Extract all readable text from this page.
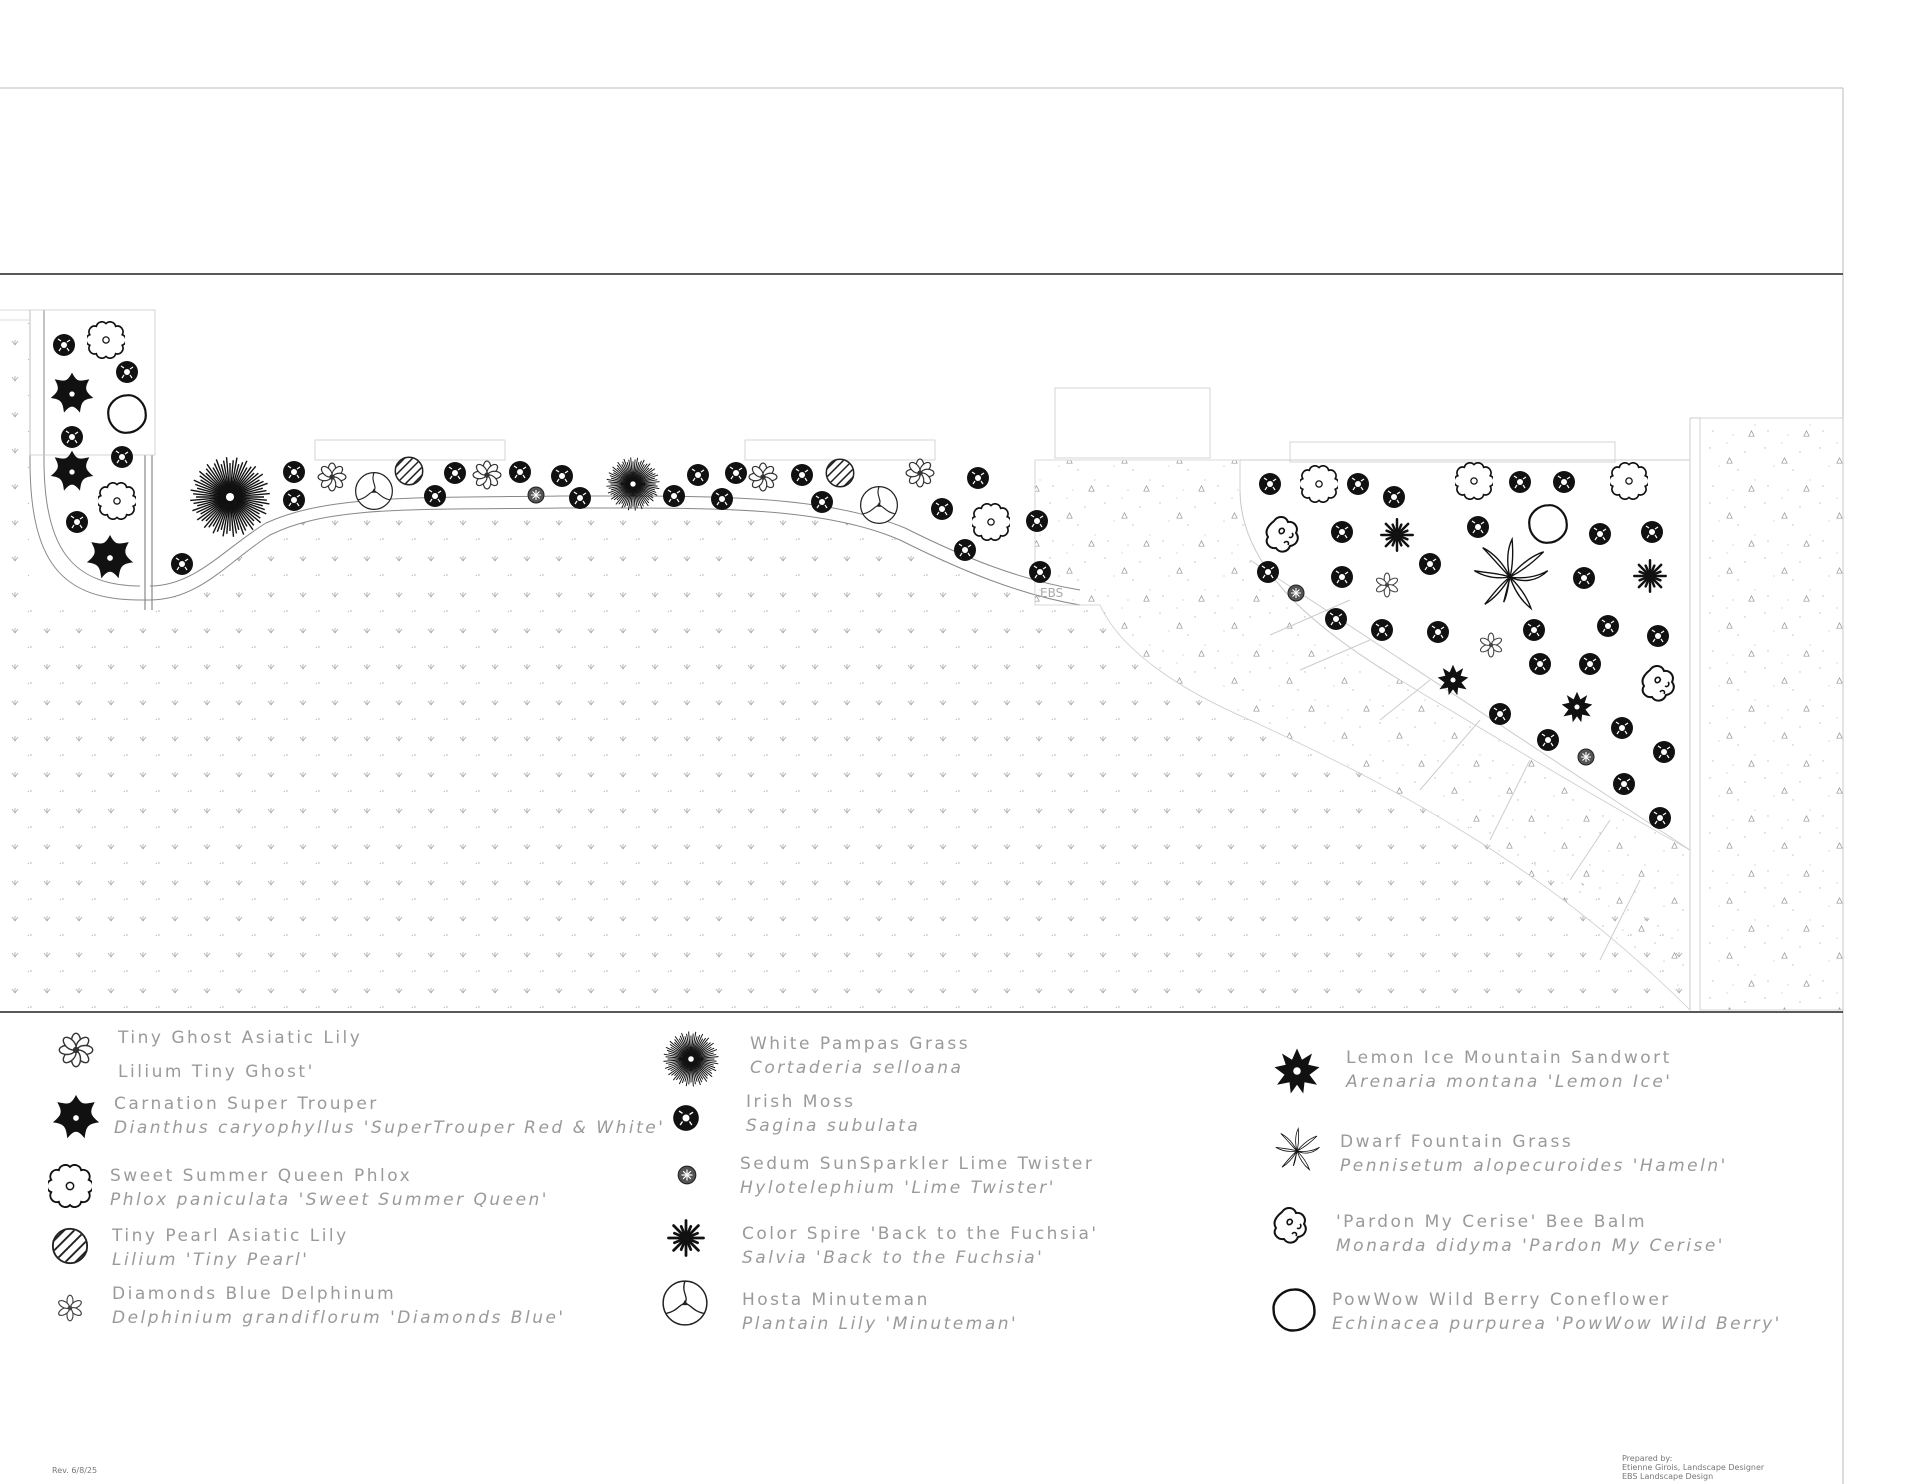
Tiny Ghost Asiatic Lily
Lilium Tiny Ghost'
Carnation Super Trouper
Dianthus caryophyllus 'SuperTrouper Red & White'
Sweet Summer Queen Phlox
Phlox paniculata 'Sweet Summer Queen'
Tiny Pearl Asiatic Lily
Lilium 'Tiny Pearl'
Diamonds Blue Delphinum
Delphinium grandiflorum 'Diamonds Blue'
White Pampas Grass
Cortaderia selloana
Irish Moss
Sagina subulata
Sedum SunSparkler Lime Twister
Hylotelephium 'Lime Twister'
Color Spire 'Back to the Fuchsia'
Salvia 'Back to the Fuchsia'
Hosta Minuteman
Plantain Lily 'Minuteman'
Lemon Ice Mountain Sandwort
Arenaria montana 'Lemon Ice'
Dwarf Fountain Grass
Pennisetum alopecuroides 'Hameln'
'Pardon My Cerise' Bee Balm
Monarda didyma 'Pardon My Cerise'
PowWow Wild Berry Coneflower
Echinacea purpurea 'PowWow Wild Berry'
Rev. 6/8/25
Prepared by:
Etienne Girois, Landscape Designer
EBS Landscape Design
